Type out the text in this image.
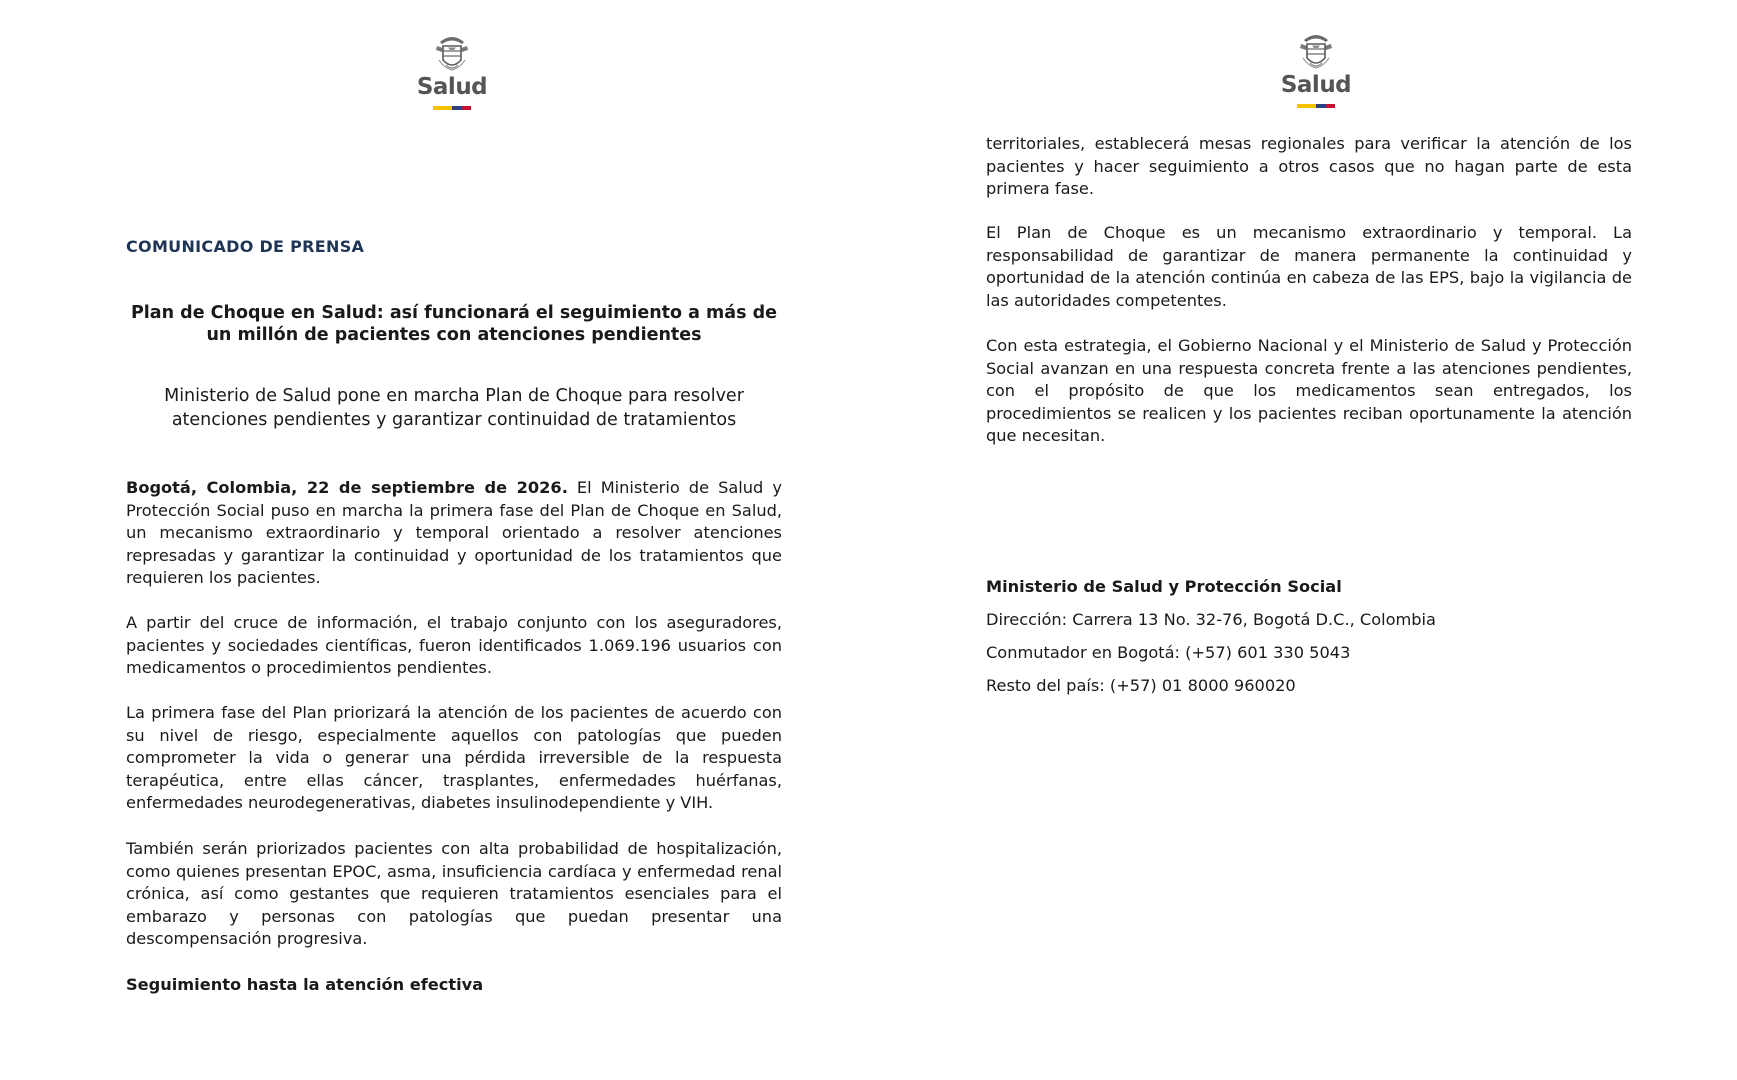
Salud
COMUNICADO DE PRENSA
Plan de Choque en Salud: así funcionará el seguimiento a más de un millón de pacientes con atenciones pendientes
Ministerio de Salud pone en marcha Plan de Choque para resolver atenciones pendientes y garantizar continuidad de tratamientos
Bogotá, Colombia, 22 de septiembre de 2026. El Ministerio de Salud y Protección Social puso en marcha la primera fase del Plan de Choque en Salud, un mecanismo extraordinario y temporal orientado a resolver atenciones represadas y garantizar la continuidad y oportunidad de los tratamientos que requieren los pacientes.
A partir del cruce de información, el trabajo conjunto con los aseguradores, pacientes y sociedades científicas, fueron identificados 1.069.196 usuarios con medicamentos o procedimientos pendientes.
La primera fase del Plan priorizará la atención de los pacientes de acuerdo con su nivel de riesgo, especialmente aquellos con patologías que pueden comprometer la vida o generar una pérdida irreversible de la respuesta terapéutica, entre ellas cáncer, trasplantes, enfermedades huérfanas, enfermedades neurodegenerativas, diabetes insulinodependiente y VIH.
También serán priorizados pacientes con alta probabilidad de hospitalización, como quienes presentan EPOC, asma, insuficiencia cardíaca y enfermedad renal crónica, así como gestantes que requieren tratamientos esenciales para el embarazo y personas con patologías que puedan presentar una descompensación progresiva.
Seguimiento hasta la atención efectiva
Salud
territoriales, establecerá mesas regionales para verificar la atención de los pacientes y hacer seguimiento a otros casos que no hagan parte de esta primera fase.
El Plan de Choque es un mecanismo extraordinario y temporal. La responsabilidad de garantizar de manera permanente la continuidad y oportunidad de la atención continúa en cabeza de las EPS, bajo la vigilancia de las autoridades competentes.
Con esta estrategia, el Gobierno Nacional y el Ministerio de Salud y Protección Social avanzan en una respuesta concreta frente a las atenciones pendientes, con el propósito de que los medicamentos sean entregados, los procedimientos se realicen y los pacientes reciban oportunamente la atención que necesitan.
Ministerio de Salud y Protección Social
Dirección: Carrera 13 No. 32-76, Bogotá D.C., Colombia
Conmutador en Bogotá: (+57) 601 330 5043
Resto del país: (+57) 01 8000 960020
